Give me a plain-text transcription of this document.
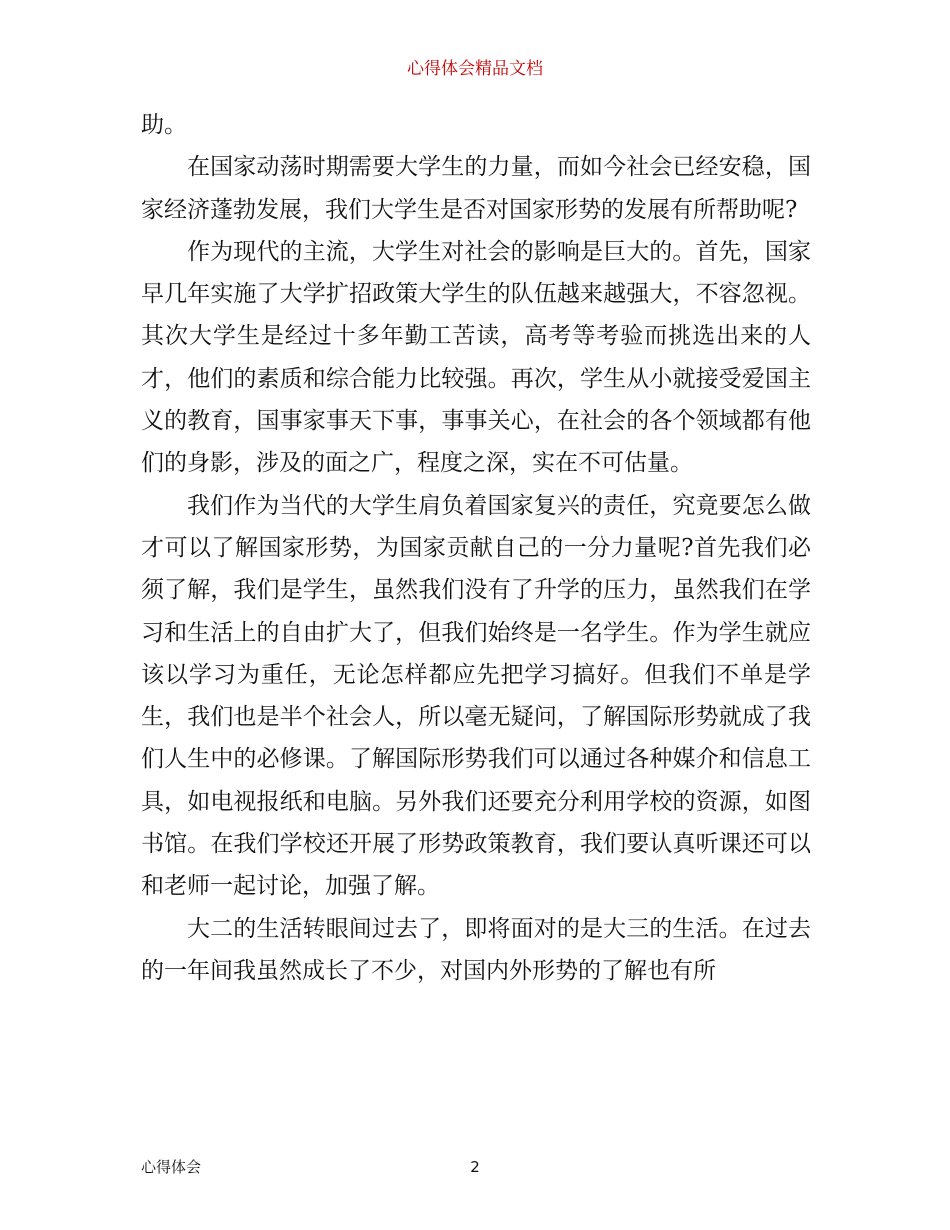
心得体会精品文档

助。

在国家动荡时期需要大学生的力量，而如今社会已经安稳，国家经济蓬勃发展，我们大学生是否对国家形势的发展有所帮助呢?

作为现代的主流，大学生对社会的影响是巨大的。首先，国家早几年实施了大学扩招政策大学生的队伍越来越强大，不容忽视。其次大学生是经过十多年勤工苦读，高考等考验而挑选出来的人才，他们的素质和综合能力比较强。再次，学生从小就接受爱国主义的教育，国事家事天下事，事事关心，在社会的各个领域都有他们的身影，涉及的面之广，程度之深，实在不可估量。

我们作为当代的大学生肩负着国家复兴的责任，究竟要怎么做才可以了解国家形势，为国家贡献自己的一分力量呢?首先我们必须了解，我们是学生，虽然我们没有了升学的压力，虽然我们在学习和生活上的自由扩大了，但我们始终是一名学生。作为学生就应该以学习为重任，无论怎样都应先把学习搞好。但我们不单是学生，我们也是半个社会人，所以毫无疑问，了解国际形势就成了我们人生中的必修课。了解国际形势我们可以通过各种媒介和信息工具，如电视报纸和电脑。另外我们还要充分利用学校的资源，如图书馆。在我们学校还开展了形势政策教育，我们要认真听课还可以和老师一起讨论，加强了解。

大二的生活转眼间过去了，即将面对的是大三的生活。在过去的一年间我虽然成长了不少，对国内外形势的了解也有所

心得体会	2
